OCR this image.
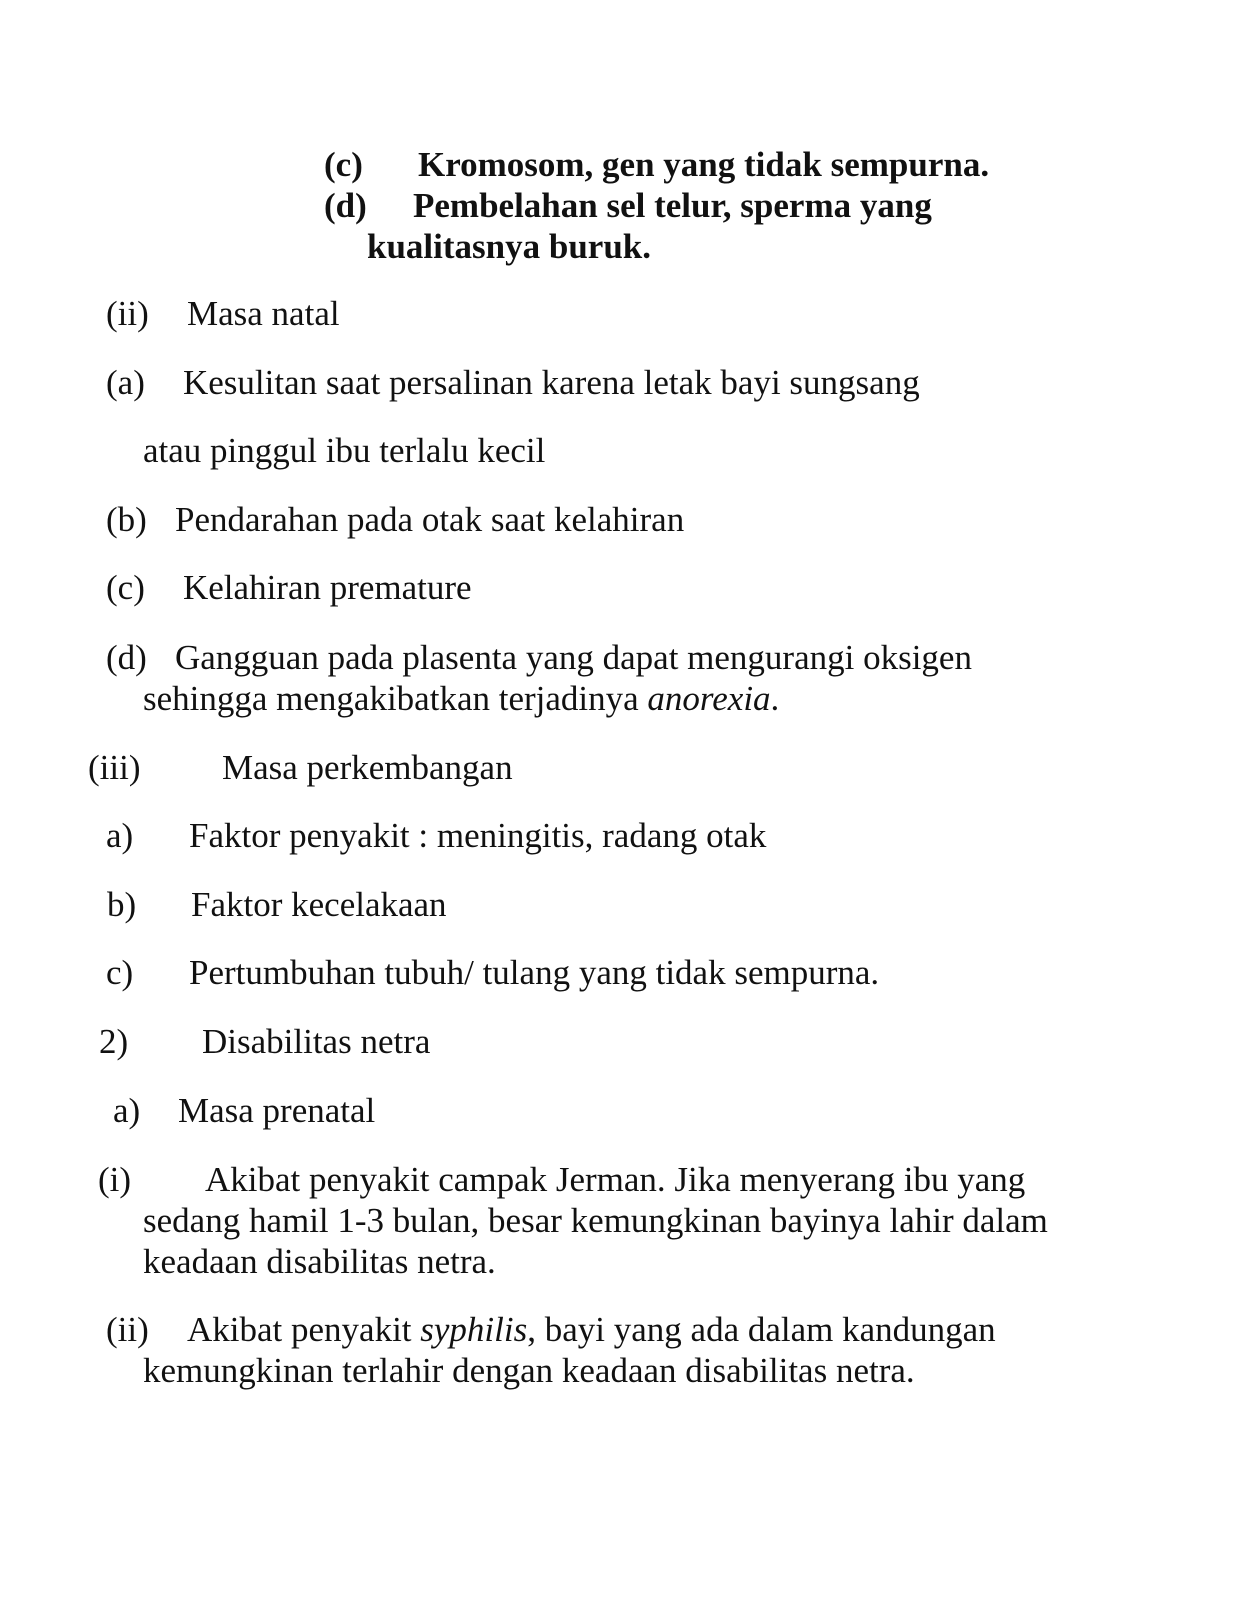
(c) Kromosom, gen yang tidak sempurna.
(d) Pembelahan sel telur, sperma yang
kualitasnya buruk.
(ii) Masa natal
(a) Kesulitan saat persalinan karena letak bayi sungsang
atau pinggul ibu terlalu kecil
(b) Pendarahan pada otak saat kelahiran
(c) Kelahiran premature
(d) Gangguan pada plasenta yang dapat mengurangi oksigen
sehingga mengakibatkan terjadinya anorexia.
(iii) Masa perkembangan
a) Faktor penyakit : meningitis, radang otak
b) Faktor kecelakaan
c) Pertumbuhan tubuh/ tulang yang tidak sempurna.
2) Disabilitas netra
a) Masa prenatal
(i) Akibat penyakit campak Jerman. Jika menyerang ibu yang
sedang hamil 1-3 bulan, besar kemungkinan bayinya lahir dalam
keadaan disabilitas netra.
(ii) Akibat penyakit syphilis, bayi yang ada dalam kandungan
kemungkinan terlahir dengan keadaan disabilitas netra.
